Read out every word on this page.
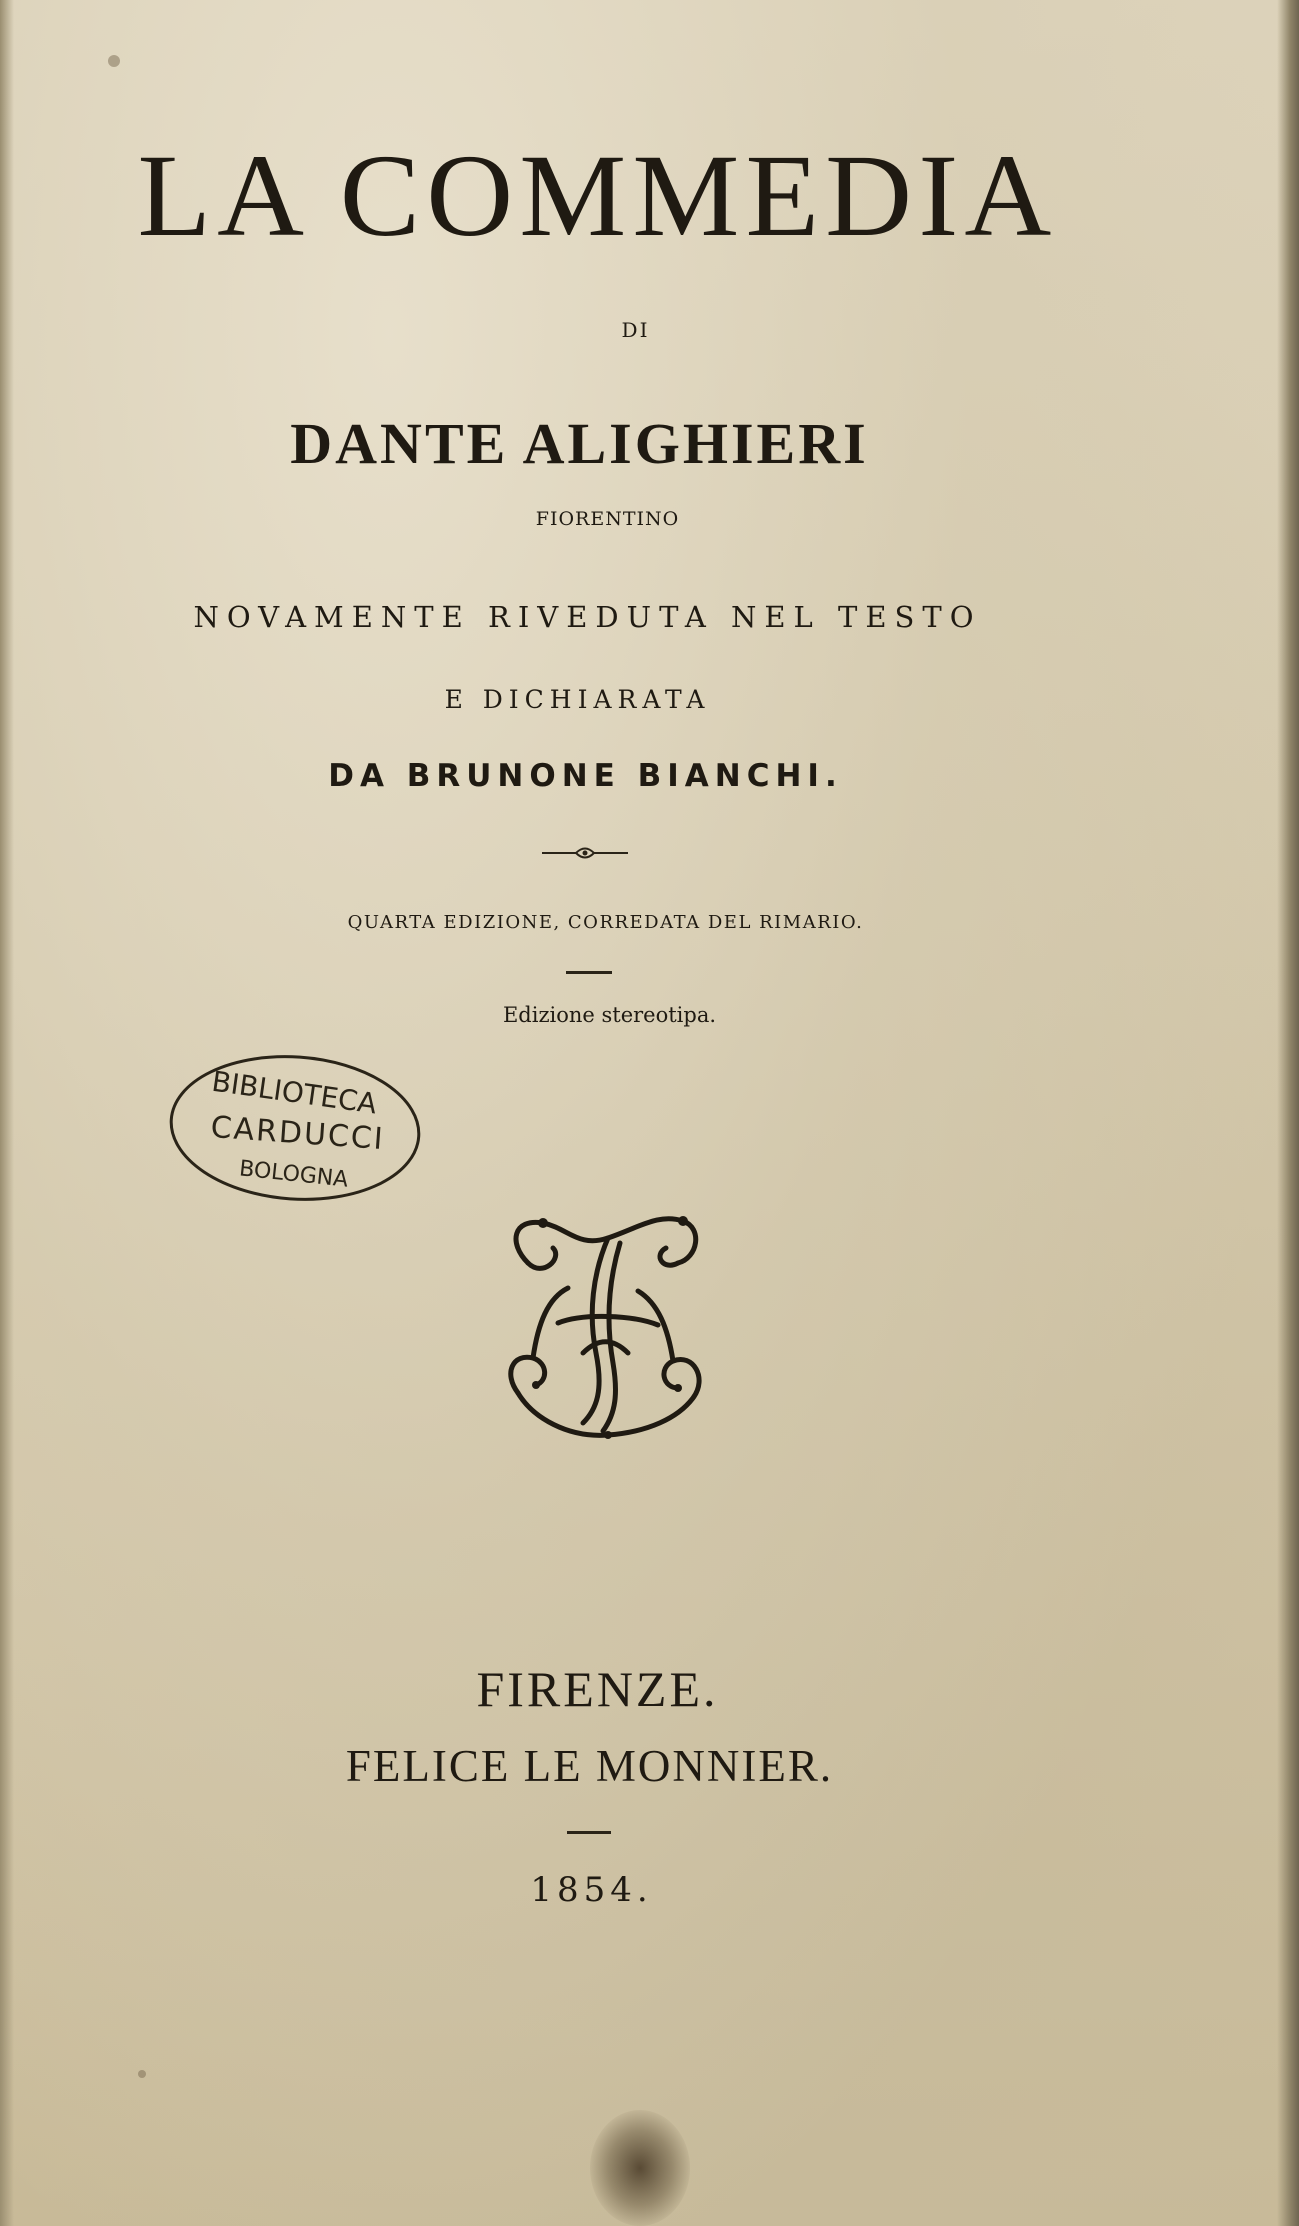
LA COMMEDIA
DI
DANTE ALIGHIERI
FIORENTINO
NOVAMENTE RIVEDUTA NEL TESTO
E DICHIARATA
DA BRUNONE BIANCHI.
QUARTA EDIZIONE, CORREDATA DEL RIMARIO.
Edizione stereotipa.
BIBLIOTECA
CARDUCCI
BOLOGNA
FIRENZE.
FELICE LE MONNIER.
1854.
